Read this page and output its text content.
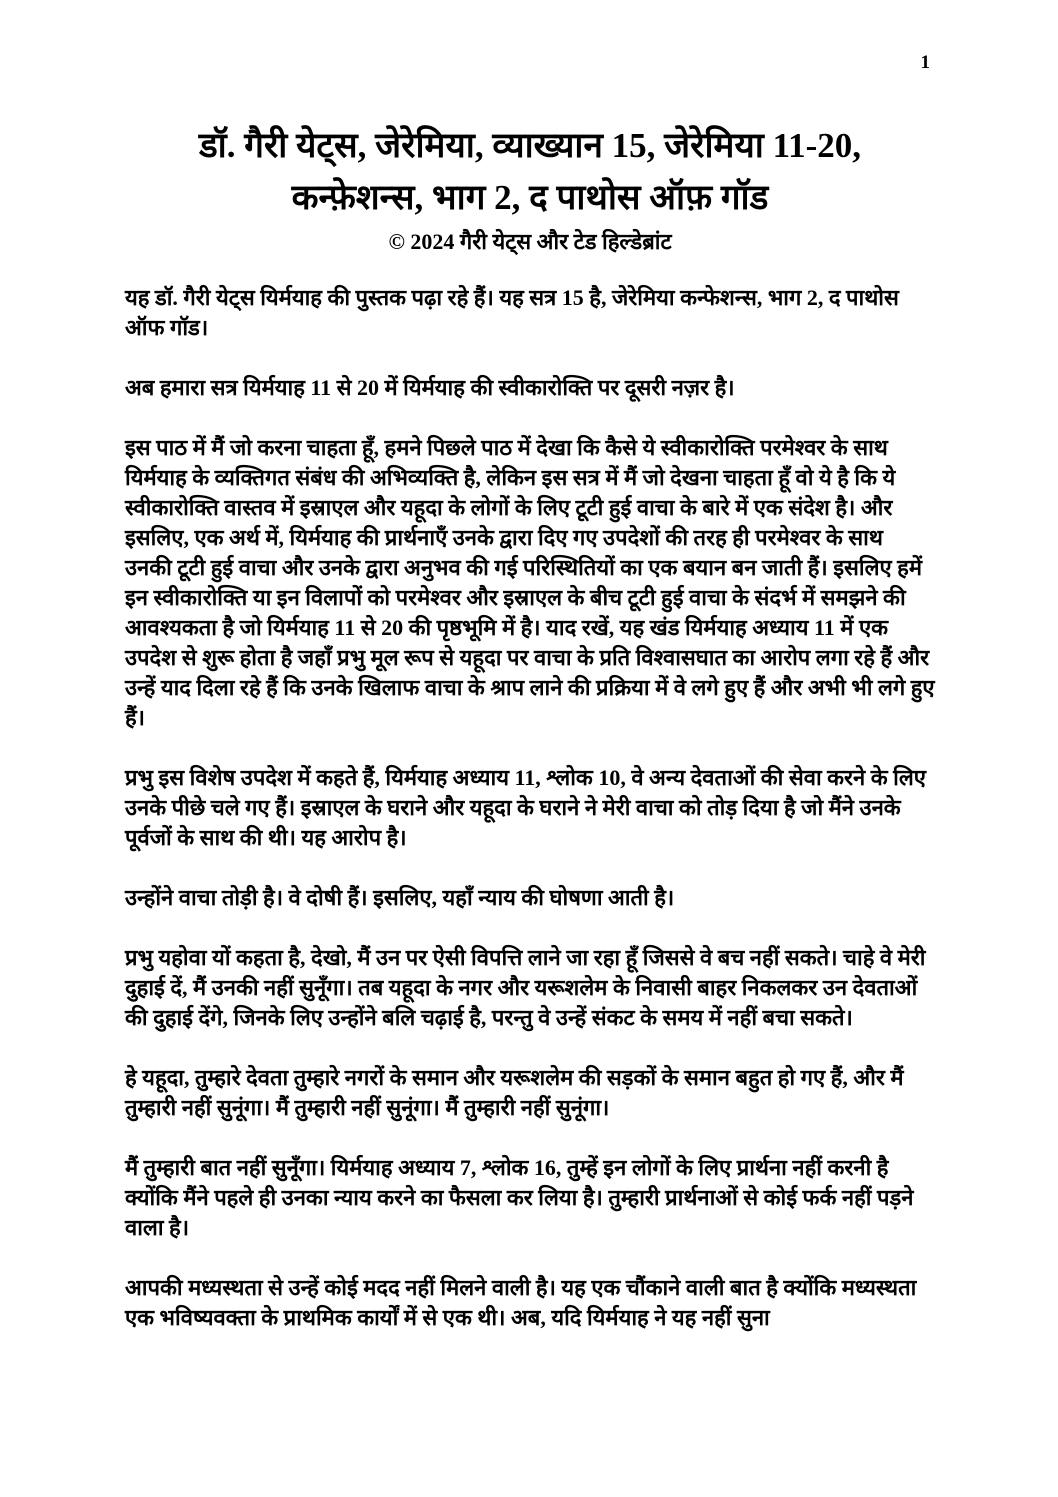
1
डॉ. गैरी येट्स, जेरेमिया, व्याख्यान 15, जेरेमिया 11-20,
कन्फ़ेशन्स, भाग 2, द पाथोस ऑफ़ गॉड
© 2024 गैरी येट्स और टेड हिल्डेब्रांट

यह डॉ. गैरी येट्स यिर्मयाह की पुस्तक पढ़ा रहे हैं। यह सत्र 15 है, जेरेमिया कन्फेशन्स, भाग 2, द पाथोस ऑफ गॉड।

अब हमारा सत्र यिर्मयाह 11 से 20 में यिर्मयाह की स्वीकारोक्ति पर दूसरी नज़र है।

इस पाठ में मैं जो करना चाहता हूँ, हमने पिछले पाठ में देखा कि कैसे ये स्वीकारोक्ति परमेश्वर के साथ यिर्मयाह के व्यक्तिगत संबंध की अभिव्यक्ति है, लेकिन इस सत्र में मैं जो देखना चाहता हूँ वो ये है कि ये स्वीकारोक्ति वास्तव में इस्राएल और यहूदा के लोगों के लिए टूटी हुई वाचा के बारे में एक संदेश है। और इसलिए, एक अर्थ में, यिर्मयाह की प्रार्थनाएँ उनके द्वारा दिए गए उपदेशों की तरह ही परमेश्वर के साथ उनकी टूटी हुई वाचा और उनके द्वारा अनुभव की गई परिस्थितियों का एक बयान बन जाती हैं। इसलिए हमें इन स्वीकारोक्ति या इन विलापों को परमेश्वर और इस्राएल के बीच टूटी हुई वाचा के संदर्भ में समझने की आवश्यकता है जो यिर्मयाह 11 से 20 की पृष्ठभूमि में है। याद रखें, यह खंड यिर्मयाह अध्याय 11 में एक उपदेश से शुरू होता है जहाँ प्रभु मूल रूप से यहूदा पर वाचा के प्रति विश्वासघात का आरोप लगा रहे हैं और उन्हें याद दिला रहे हैं कि उनके खिलाफ वाचा के श्राप लाने की प्रक्रिया में वे लगे हुए हैं और अभी भी लगे हुए हैं।

प्रभु इस विशेष उपदेश में कहते हैं, यिर्मयाह अध्याय 11, श्लोक 10, वे अन्य देवताओं की सेवा करने के लिए उनके पीछे चले गए हैं। इस्राएल के घराने और यहूदा के घराने ने मेरी वाचा को तोड़ दिया है जो मैंने उनके पूर्वजों के साथ की थी। यह आरोप है।

उन्होंने वाचा तोड़ी है। वे दोषी हैं। इसलिए, यहाँ न्याय की घोषणा आती है।

प्रभु यहोवा यों कहता है, देखो, मैं उन पर ऐसी विपत्ति लाने जा रहा हूँ जिससे वे बच नहीं सकते। चाहे वे मेरी दुहाई दें, मैं उनकी नहीं सुनूँगा। तब यहूदा के नगर और यरूशलेम के निवासी बाहर निकलकर उन देवताओं की दुहाई देंगे, जिनके लिए उन्होंने बलि चढ़ाई है, परन्तु वे उन्हें संकट के समय में नहीं बचा सकते।

हे यहूदा, तुम्हारे देवता तुम्हारे नगरों के समान और यरूशलेम की सड़कों के समान बहुत हो गए हैं, और मैं तुम्हारी नहीं सुनूंगा। मैं तुम्हारी नहीं सुनूंगा। मैं तुम्हारी नहीं सुनूंगा।

मैं तुम्हारी बात नहीं सुनूँगा। यिर्मयाह अध्याय 7, श्लोक 16, तुम्हें इन लोगों के लिए प्रार्थना नहीं करनी है क्योंकि मैंने पहले ही उनका न्याय करने का फैसला कर लिया है। तुम्हारी प्रार्थनाओं से कोई फर्क नहीं पड़ने वाला है।

आपकी मध्यस्थता से उन्हें कोई मदद नहीं मिलने वाली है। यह एक चौंकाने वाली बात है क्योंकि मध्यस्थता एक भविष्यवक्ता के प्राथमिक कार्यों में से एक थी। अब, यदि यिर्मयाह ने यह नहीं सुना
